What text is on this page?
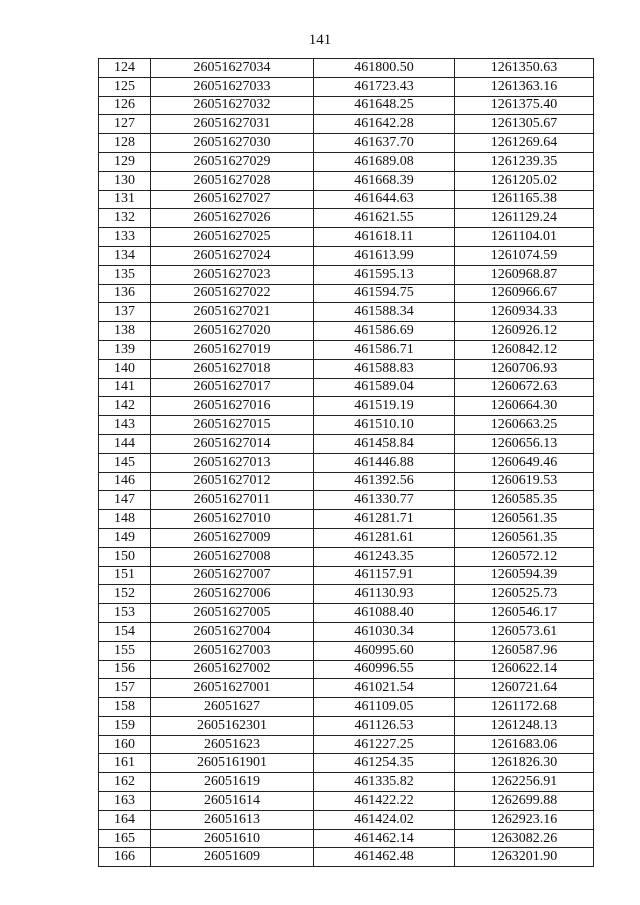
141
124	26051627034	461800.50	1261350.63
125	26051627033	461723.43	1261363.16
126	26051627032	461648.25	1261375.40
127	26051627031	461642.28	1261305.67
128	26051627030	461637.70	1261269.64
129	26051627029	461689.08	1261239.35
130	26051627028	461668.39	1261205.02
131	26051627027	461644.63	1261165.38
132	26051627026	461621.55	1261129.24
133	26051627025	461618.11	1261104.01
134	26051627024	461613.99	1261074.59
135	26051627023	461595.13	1260968.87
136	26051627022	461594.75	1260966.67
137	26051627021	461588.34	1260934.33
138	26051627020	461586.69	1260926.12
139	26051627019	461586.71	1260842.12
140	26051627018	461588.83	1260706.93
141	26051627017	461589.04	1260672.63
142	26051627016	461519.19	1260664.30
143	26051627015	461510.10	1260663.25
144	26051627014	461458.84	1260656.13
145	26051627013	461446.88	1260649.46
146	26051627012	461392.56	1260619.53
147	26051627011	461330.77	1260585.35
148	26051627010	461281.71	1260561.35
149	26051627009	461281.61	1260561.35
150	26051627008	461243.35	1260572.12
151	26051627007	461157.91	1260594.39
152	26051627006	461130.93	1260525.73
153	26051627005	461088.40	1260546.17
154	26051627004	461030.34	1260573.61
155	26051627003	460995.60	1260587.96
156	26051627002	460996.55	1260622.14
157	26051627001	461021.54	1260721.64
158	26051627	461109.05	1261172.68
159	2605162301	461126.53	1261248.13
160	26051623	461227.25	1261683.06
161	2605161901	461254.35	1261826.30
162	26051619	461335.82	1262256.91
163	26051614	461422.22	1262699.88
164	26051613	461424.02	1262923.16
165	26051610	461462.14	1263082.26
166	26051609	461462.48	1263201.90
